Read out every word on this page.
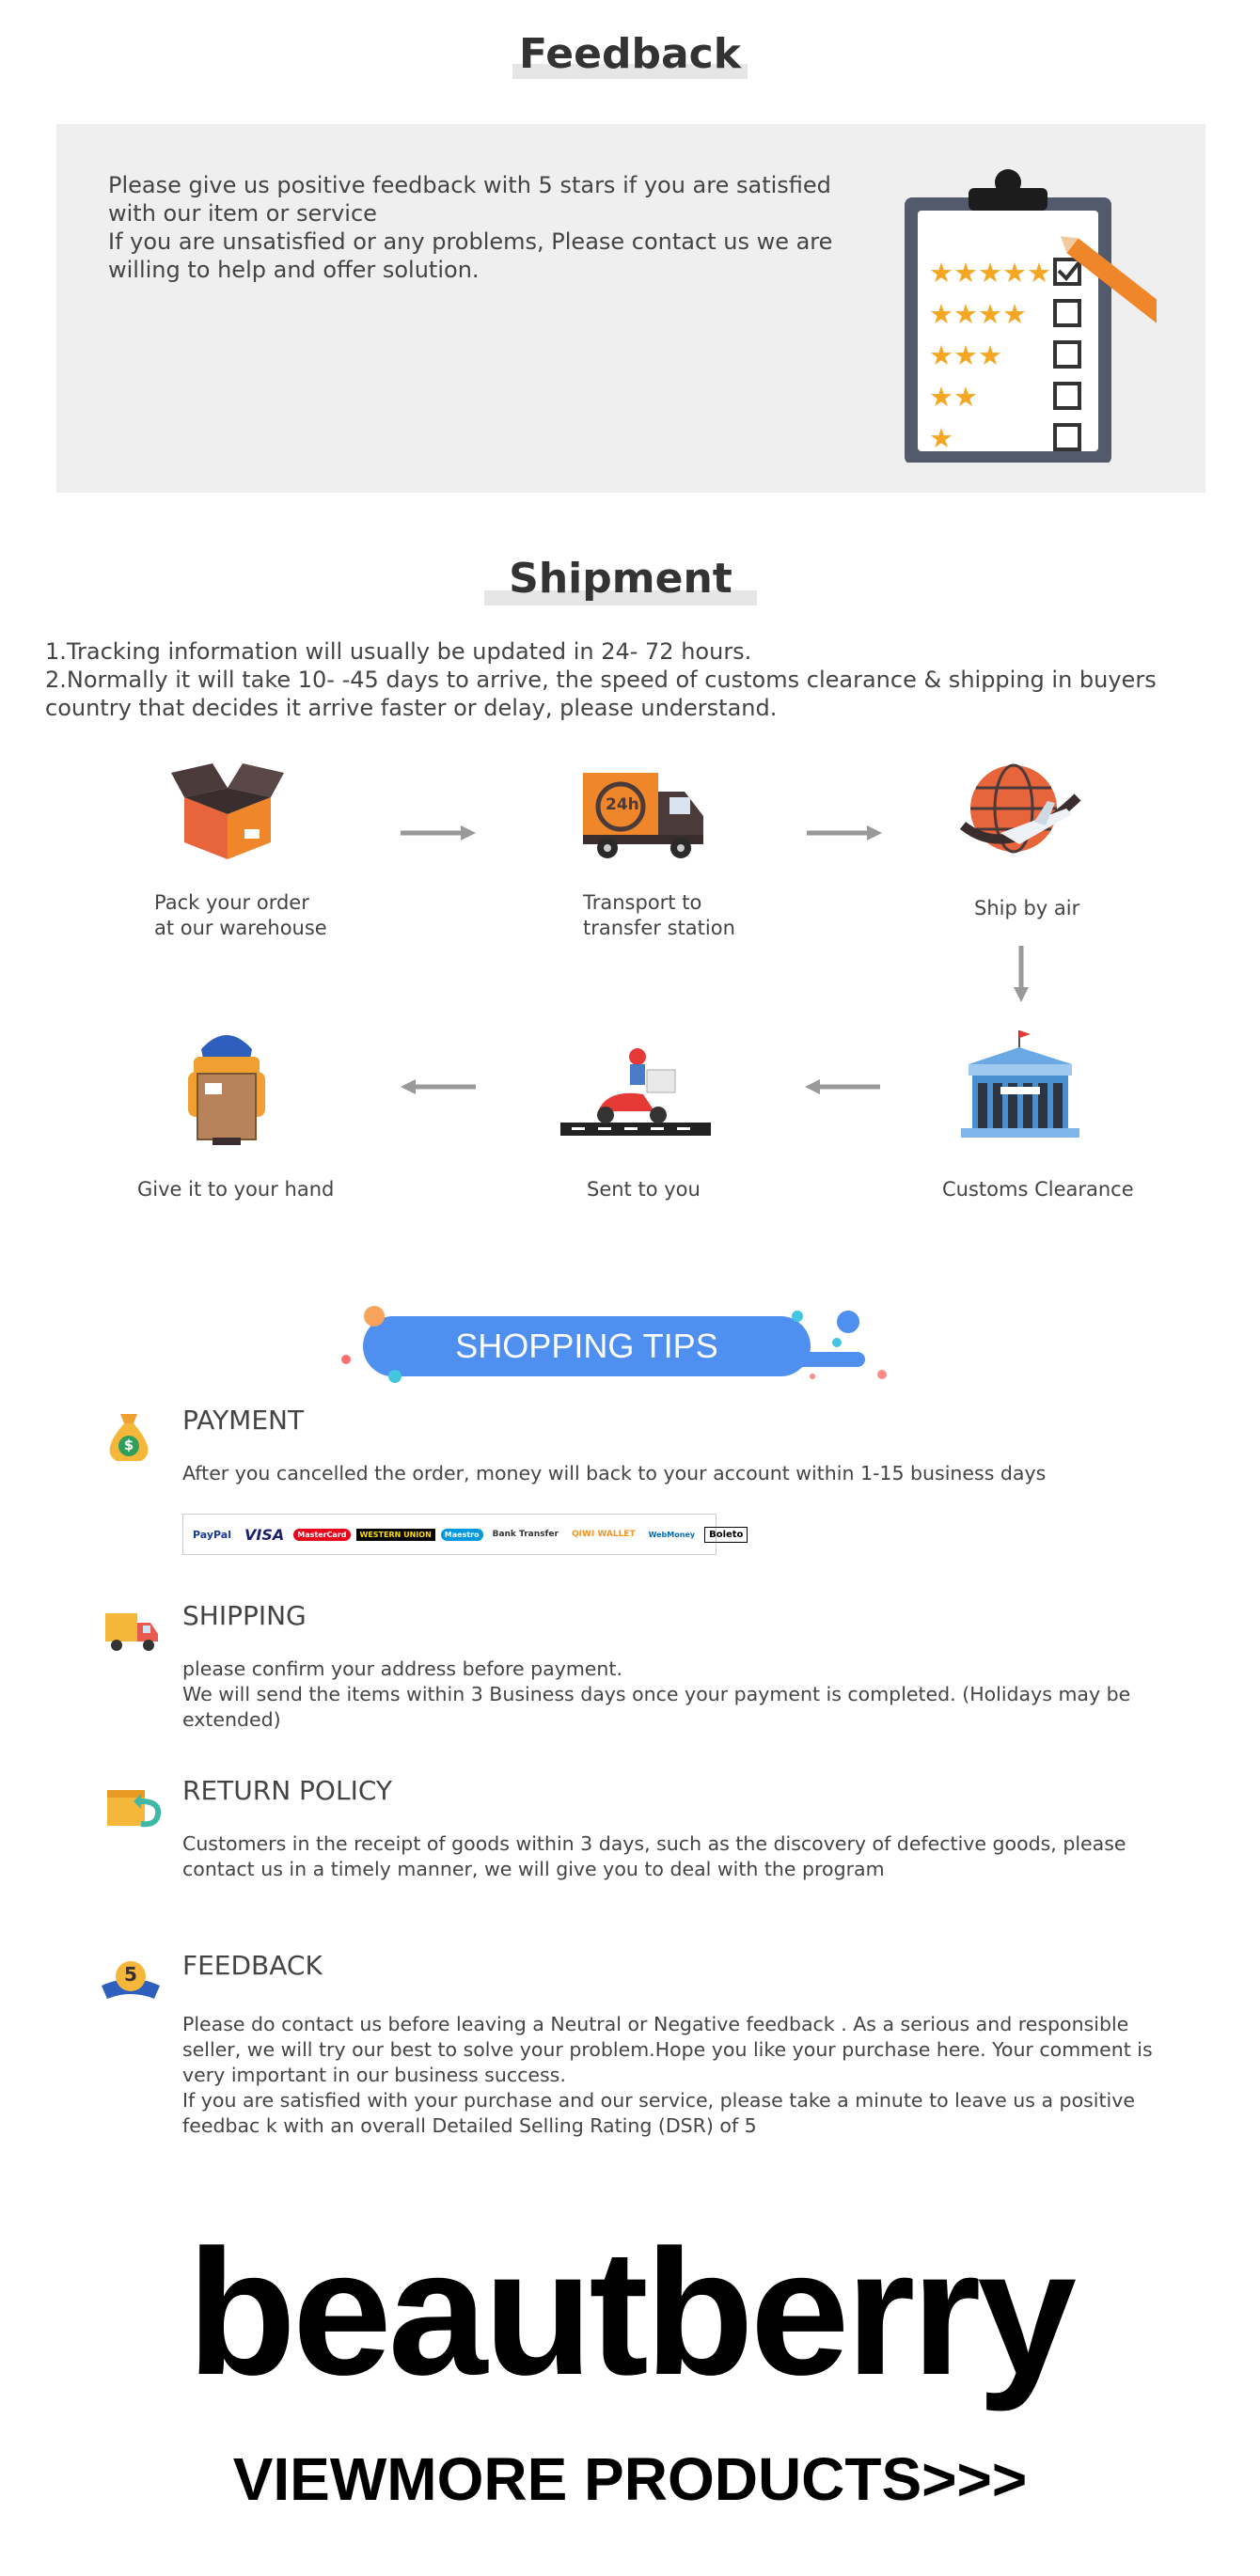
Feedback
Please give us positive feedback with 5 stars if you are satisfied with our item or service
If you are unsatisfied or any problems, Please contact us we are willing to help and offer solution.	★★★★★
★★★★
★★★
★★
★
Shipment
1.Tracking information will usually be updated in 24- 72 hours.
2.Normally it will take 10- -45 days to arrive, the speed of customs clearance & shipping in buyers country that decides it arrive faster or delay, please understand.
Pack your order
at our warehouse
24h
Transport to
transfer station
Ship by air
Customs Clearance
Sent to you
Give it to your hand
SHOPPING TIPS
$
PAYMENT
After you cancelled the order, money will back to your account within 1-15 business days
PayPal VISA	MasterCard	WESTERN UNION	Maestro	Bank Transfer	QIWI WALLET	WebMoney	Boleto
SHIPPING
please confirm your address before payment.
We will send the items within 3 Business days once your payment is completed. (Holidays may be extended)
RETURN POLICY
Customers in the receipt of goods within 3 days, such as the discovery of defective goods, please contact us in a timely manner, we will give you to deal with the program
5 FEEDBACK
Please do contact us before leaving a Neutral or Negative feedback . As a serious and responsible seller, we will try our best to solve your problem.Hope you like your purchase here. Your comment is very important in our business success.
If you are satisfied with your purchase and our service, please take a minute to leave us a positive feedbac k with an overall Detailed Selling Rating (DSR) of 5
beautberry
VIEWMORE PRODUCTS>>>
